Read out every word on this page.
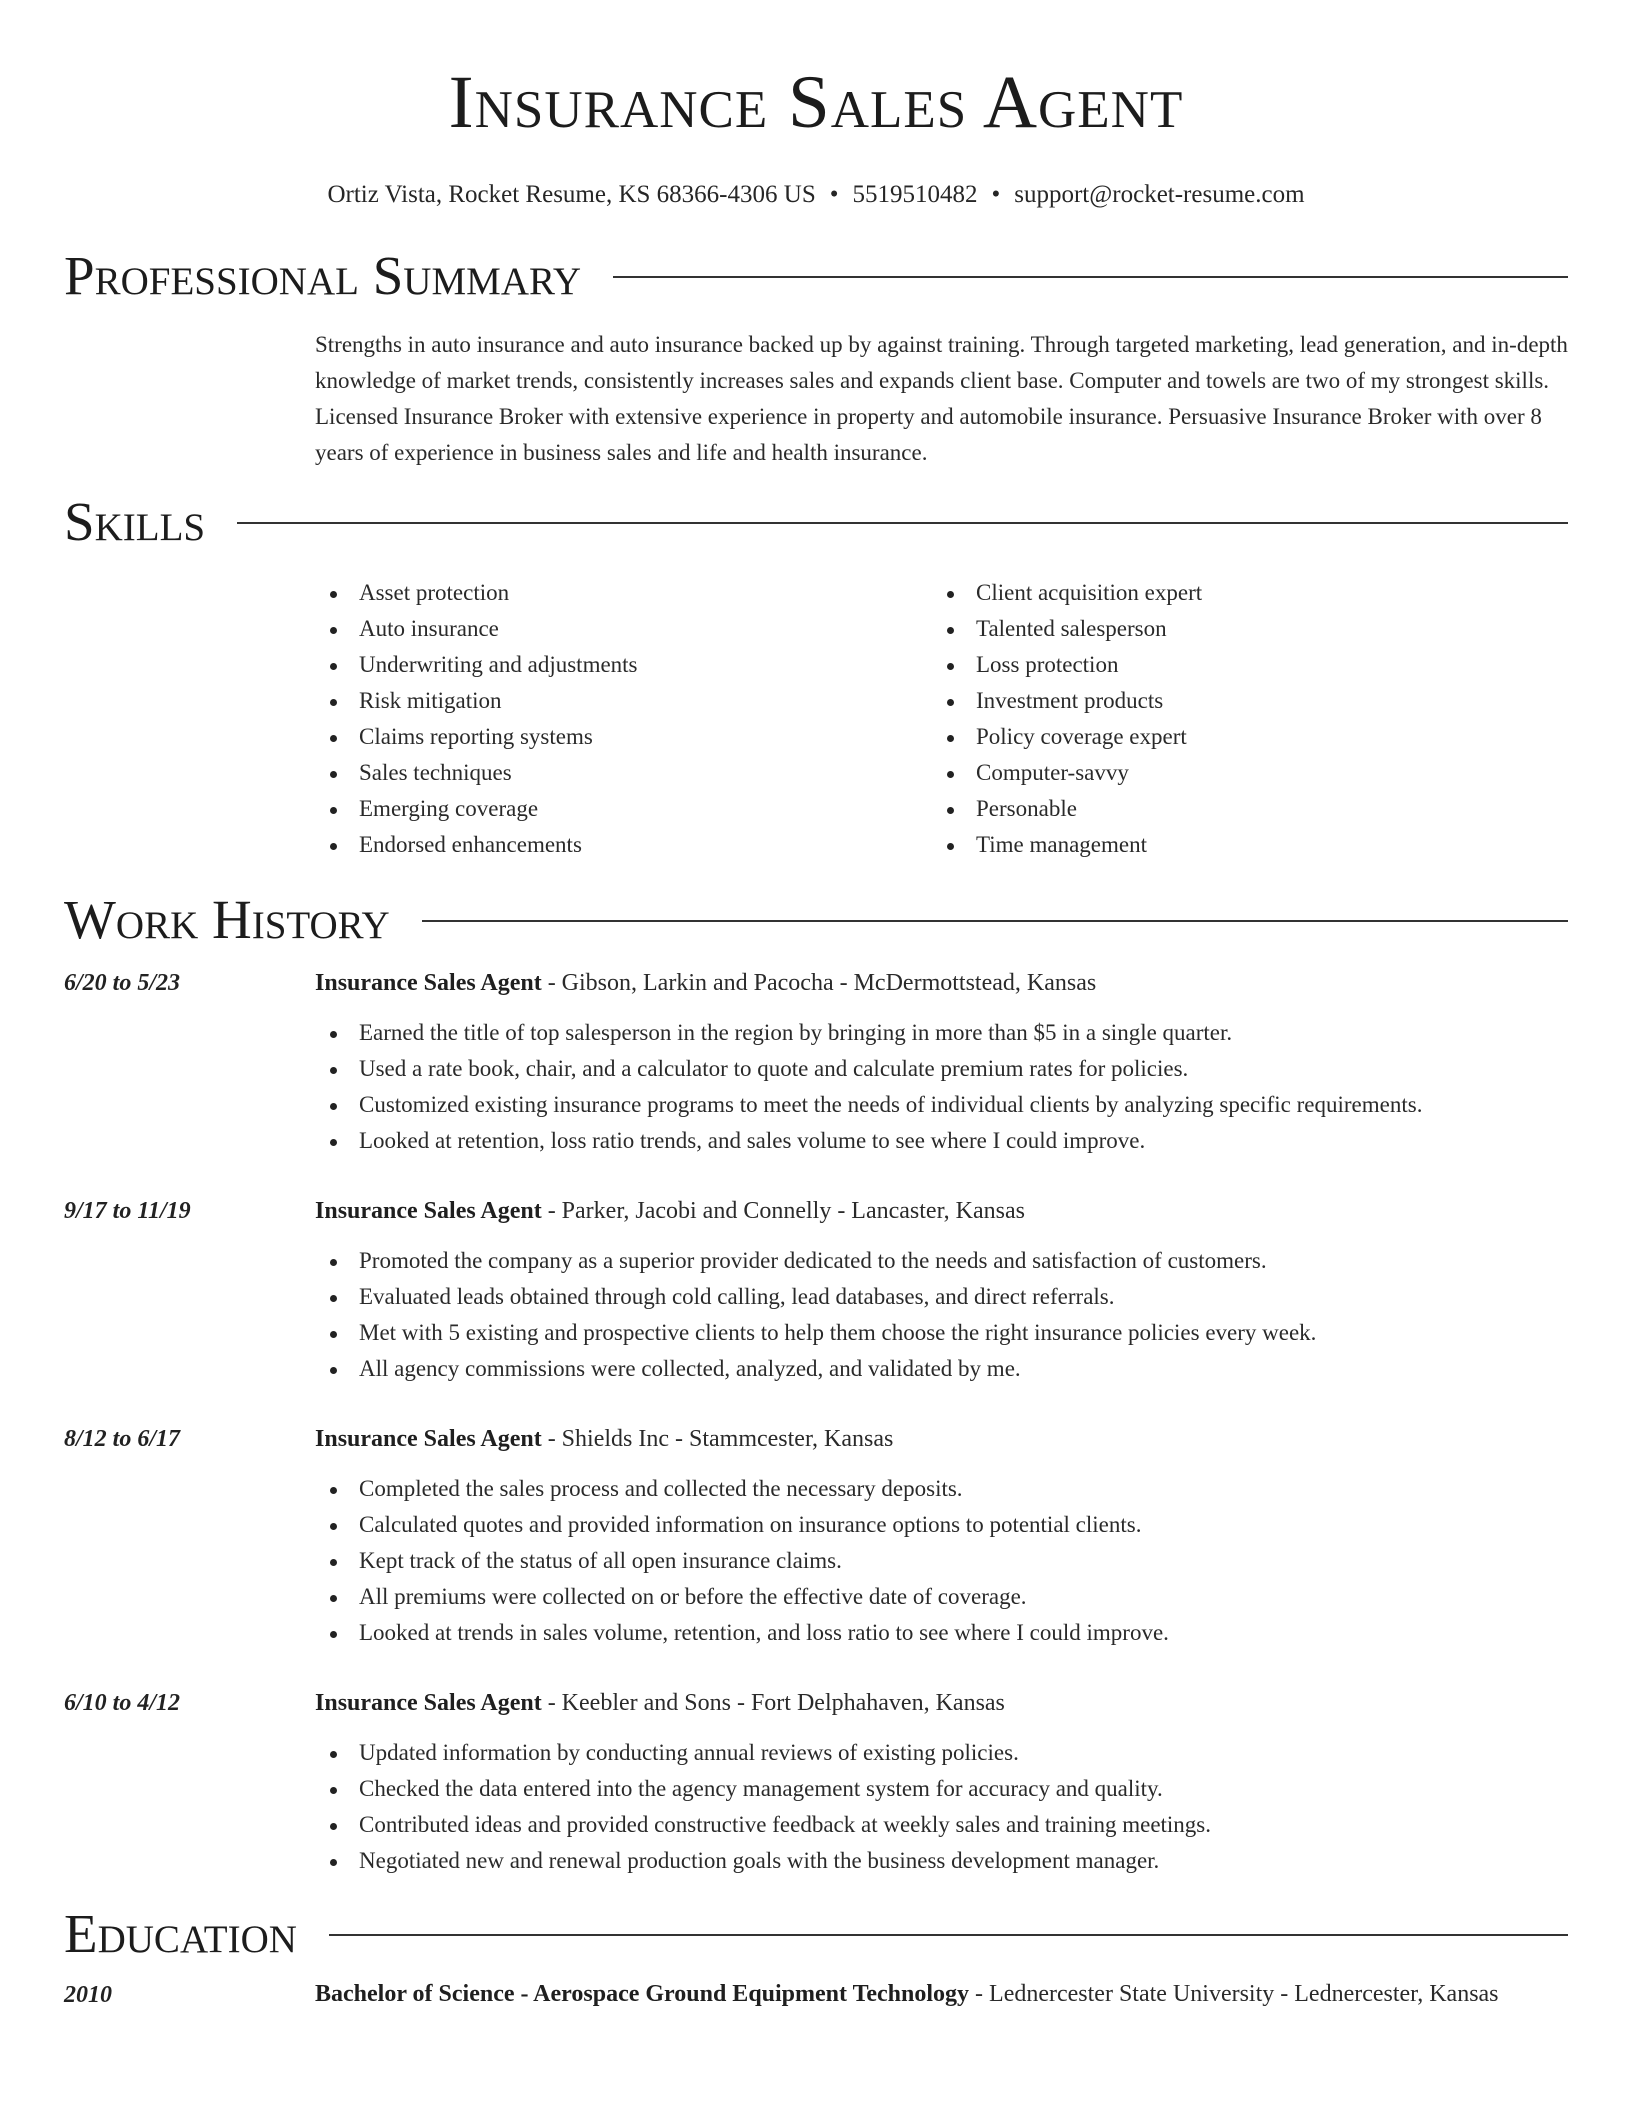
Insurance Sales Agent
Ortiz Vista, Rocket Resume, KS 68366-4306 US • 5519510482 • support@rocket-resume.com
Professional Summary

Strengths in auto insurance and auto insurance backed up by against training. Through targeted marketing, lead generation, and in-depth knowledge of market trends, consistently increases sales and expands client base. Computer and towels are two of my strongest skills. Licensed Insurance Broker with extensive experience in property and automobile insurance. Persuasive Insurance Broker with over 8 years of experience in business sales and life and health insurance.

Skills
Asset protection
Auto insurance
Underwriting and adjustments
Risk mitigation
Claims reporting systems
Sales techniques
Emerging coverage
Endorsed enhancements
Client acquisition expert
Talented salesperson
Loss protection
Investment products
Policy coverage expert
Computer-savvy
Personable
Time management
Work History
6/20 to 5/23	Insurance Sales Agent - Gibson, Larkin and Pacocha - McDermottstead, Kansas
Earned the title of top salesperson in the region by bringing in more than $5 in a single quarter.
Used a rate book, chair, and a calculator to quote and calculate premium rates for policies.
Customized existing insurance programs to meet the needs of individual clients by analyzing specific requirements.
Looked at retention, loss ratio trends, and sales volume to see where I could improve.
9/17 to 11/19	Insurance Sales Agent - Parker, Jacobi and Connelly - Lancaster, Kansas
Promoted the company as a superior provider dedicated to the needs and satisfaction of customers.
Evaluated leads obtained through cold calling, lead databases, and direct referrals.
Met with 5 existing and prospective clients to help them choose the right insurance policies every week.
All agency commissions were collected, analyzed, and validated by me.
8/12 to 6/17	Insurance Sales Agent - Shields Inc - Stammcester, Kansas
Completed the sales process and collected the necessary deposits.
Calculated quotes and provided information on insurance options to potential clients.
Kept track of the status of all open insurance claims.
All premiums were collected on or before the effective date of coverage.
Looked at trends in sales volume, retention, and loss ratio to see where I could improve.
6/10 to 4/12	Insurance Sales Agent - Keebler and Sons - Fort Delphahaven, Kansas
Updated information by conducting annual reviews of existing policies.
Checked the data entered into the agency management system for accuracy and quality.
Contributed ideas and provided constructive feedback at weekly sales and training meetings.
Negotiated new and renewal production goals with the business development manager.
Education
2010	Bachelor of Science - Aerospace Ground Equipment Technology - Lednercester State University - Lednercester, Kansas
